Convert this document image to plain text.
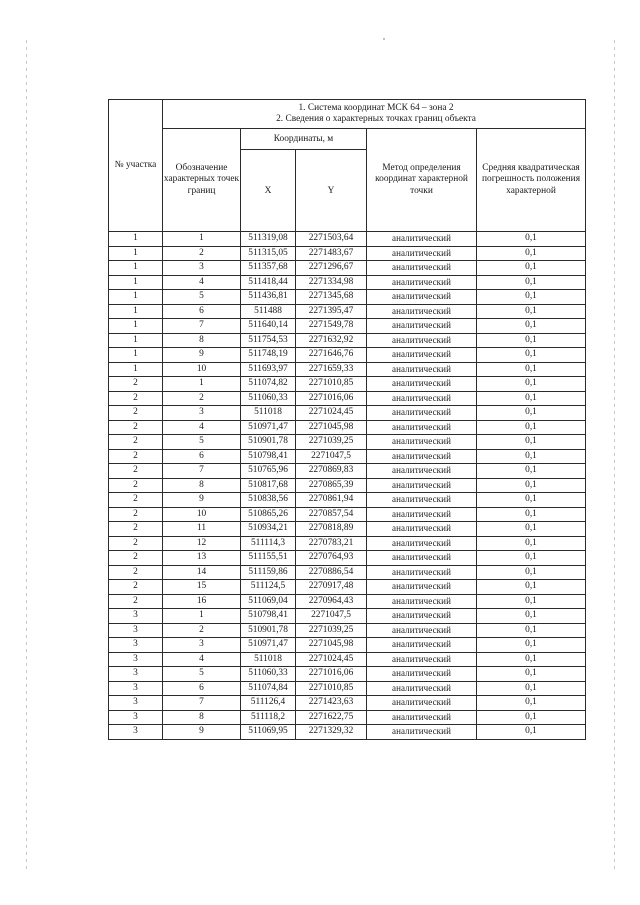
№ участка	1. Система координат МСК 64 – зона 2
2. Сведения о характерных точках границ объекта				

	Обозначение характерных точек границ	Координаты, м		Метод определения координат характерной точки	Средняя квадратическая погрешность положения характерной
		X	Y		
1	1	511319,08	2271503,64	аналитический	0,1
1	2	511315,05	2271483,67	аналитический	0,1
1	3	511357,68	2271296,67	аналитический	0,1
1	4	511418,44	2271334,98	аналитический	0,1
1	5	511436,81	2271345,68	аналитический	0,1
1	6	511488	2271395,47	аналитический	0,1
1	7	511640,14	2271549,78	аналитический	0,1
1	8	511754,53	2271632,92	аналитический	0,1
1	9	511748,19	2271646,76	аналитический	0,1
1	10	511693,97	2271659,33	аналитический	0,1
2	1	511074,82	2271010,85	аналитический	0,1
2	2	511060,33	2271016,06	аналитический	0,1
2	3	511018	2271024,45	аналитический	0,1
2	4	510971,47	2271045,98	аналитический	0,1
2	5	510901,78	2271039,25	аналитический	0,1
2	6	510798,41	2271047,5	аналитический	0,1
2	7	510765,96	2270869,83	аналитический	0,1
2	8	510817,68	2270865,39	аналитический	0,1
2	9	510838,56	2270861,94	аналитический	0,1
2	10	510865,26	2270857,54	аналитический	0,1
2	11	510934,21	2270818,89	аналитический	0,1
2	12	511114,3	2270783,21	аналитический	0,1
2	13	511155,51	2270764,93	аналитический	0,1
2	14	511159,86	2270886,54	аналитический	0,1
2	15	511124,5	2270917,48	аналитический	0,1
2	16	511069,04	2270964,43	аналитический	0,1
3	1	510798,41	2271047,5	аналитический	0,1
3	2	510901,78	2271039,25	аналитический	0,1
3	3	510971,47	2271045,98	аналитический	0,1
3	4	511018	2271024,45	аналитический	0,1
3	5	511060,33	2271016,06	аналитический	0,1
3	6	511074,84	2271010,85	аналитический	0,1
3	7	511126,4	2271423,63	аналитический	0,1
3	8	511118,2	2271622,75	аналитический	0,1
3	9	511069,95	2271329,32	аналитический	0,1
